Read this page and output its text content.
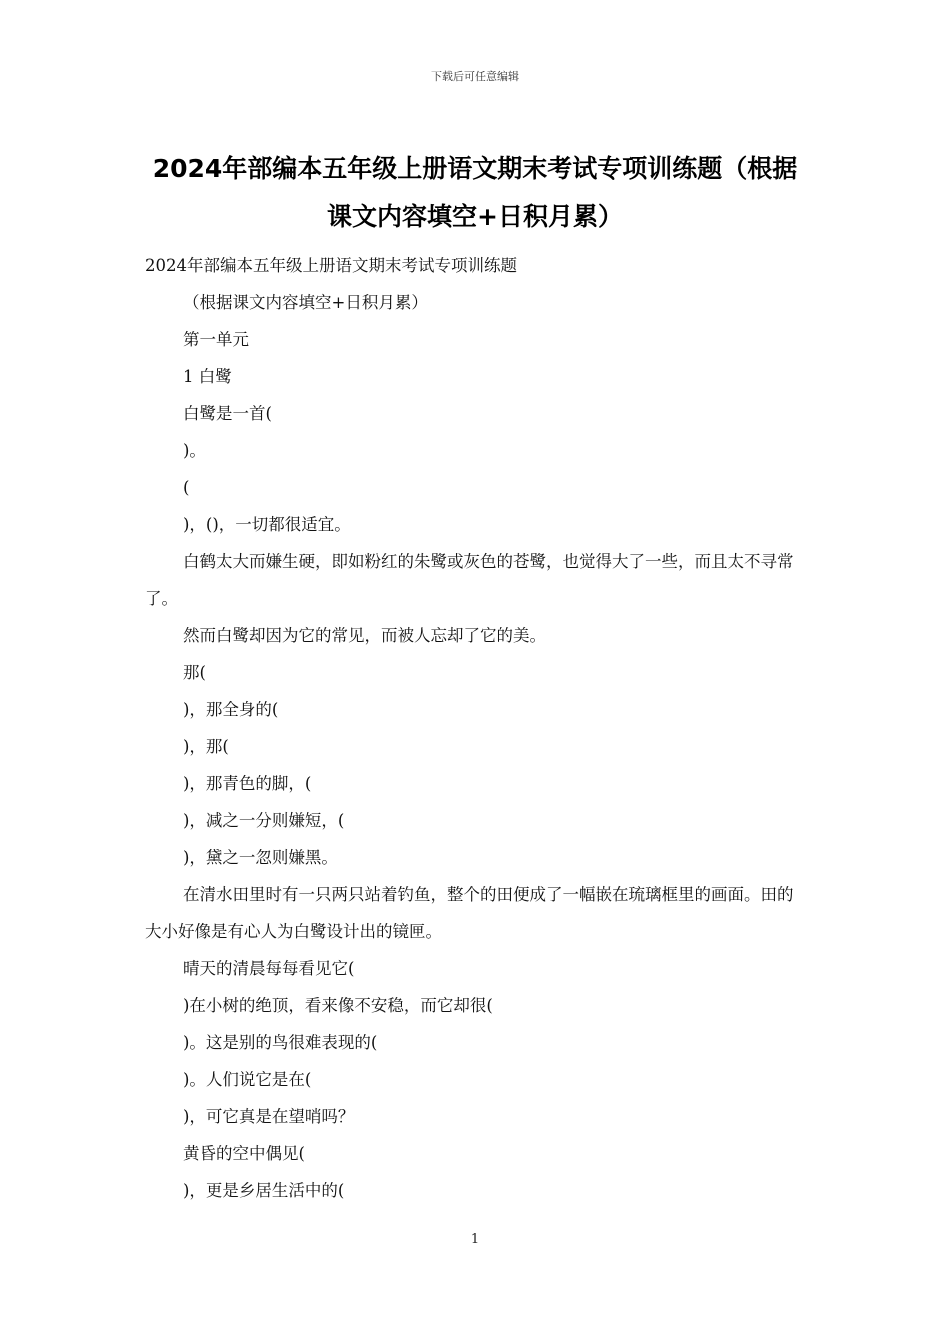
下载后可任意编辑
2024年部编本五年级上册语文期末考试专项训练题（根据课文内容填空+日积月累）

2024年部编本五年级上册语文期末考试专项训练题

（根据课文内容填空+日积月累）

第一单元

1 白鹭

白鹭是一首(

)。

(

)，()，一切都很适宜。

白鹤太大而嫌生硬，即如粉红的朱鹭或灰色的苍鹭，也觉得大了一些，而且太不寻常了。

然而白鹭却因为它的常见，而被人忘却了它的美。

那(

)，那全身的(

)，那(

)，那青色的脚，(

)，减之一分则嫌短，(

)，黛之一忽则嫌黑。

在清水田里时有一只两只站着钓鱼，整个的田便成了一幅嵌在琉璃框里的画面。田的大小好像是有心人为白鹭设计出的镜匣。

晴天的清晨每每看见它(

)在小树的绝顶，看来像不安稳，而它却很(

)。这是别的鸟很难表现的(

)。人们说它是在(

)，可它真是在望哨吗？

黄昏的空中偶见(

)，更是乡居生活中的(

1
